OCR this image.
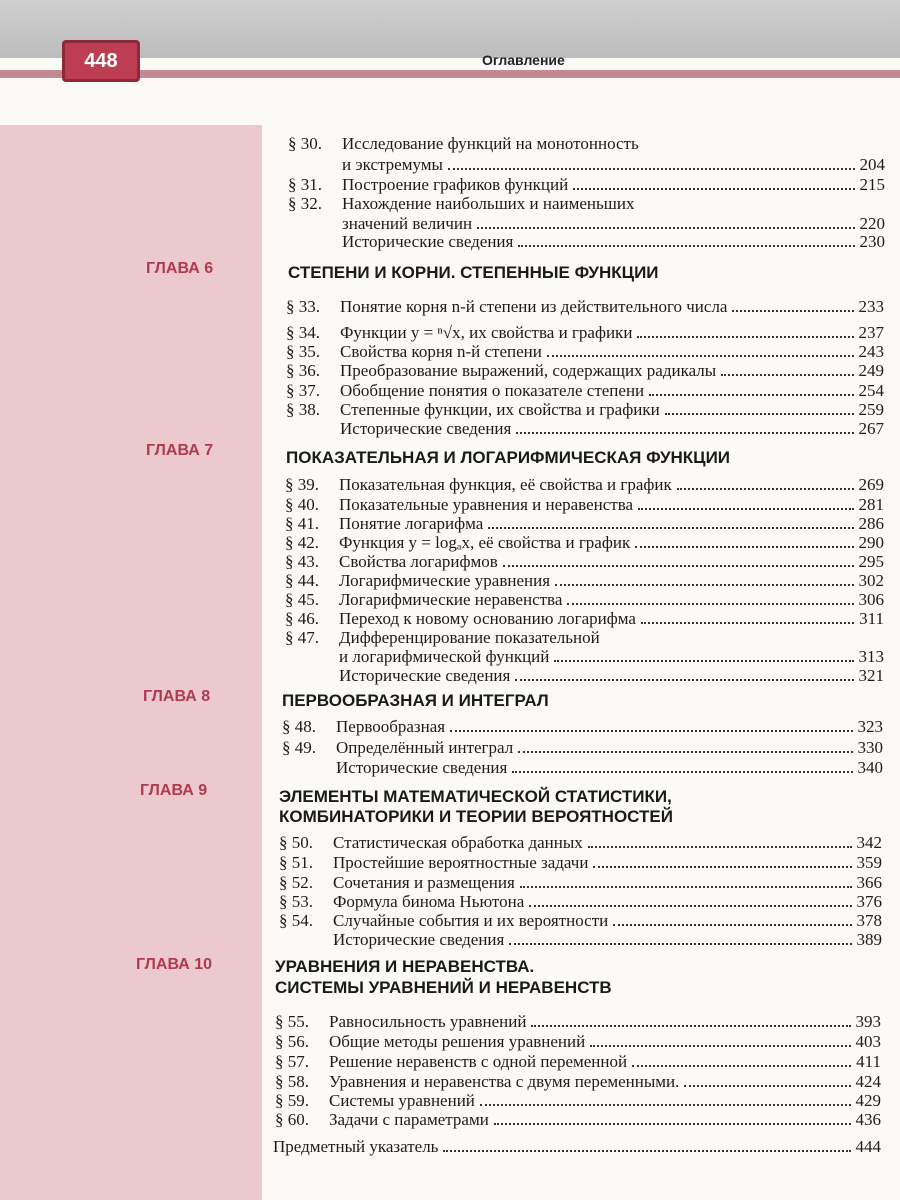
448	Оглавление
ГЛАВА 6	СТЕПЕНИ И КОРНИ. СТЕПЕННЫЕ ФУНКЦИИ
ГЛАВА 7	ПОКАЗАТЕЛЬНАЯ И ЛОГАРИФМИЧЕСКАЯ ФУНКЦИИ
ГЛАВА 8	ПЕРВООБРАЗНАЯ И ИНТЕГРАЛ
ГЛАВА 9	ЭЛЕМЕНТЫ МАТЕМАТИЧЕСКОЙ СТАТИСТИКИ,
КОМБИНАТОРИКИ И ТЕОРИИ ВЕРОЯТНОСТЕЙ
ГЛАВА 10	УРАВНЕНИЯ И НЕРАВЕНСТВА.
СИСТЕМЫ УРАВНЕНИЙ И НЕРАВЕНСТВ
§ 30.	Исследование функций на монотонность
и экстремумы	204
§ 31.	Построение графиков функций	215
§ 32.	Нахождение наибольших и наименьших
значений величин	220
Исторические сведения	230
§ 33.	Понятие корня n-й степени из действительного числа	233
§ 34.	Функции y = ⁿ√x, их свойства и графики	237
§ 35.	Свойства корня n-й степени	243
§ 36.	Преобразование выражений, содержащих радикалы	249
§ 37.	Обобщение понятия о показателе степени	254
§ 38.	Степенные функции, их свойства и графики	259
Исторические сведения	267
§ 39.	Показательная функция, её свойства и график	269
§ 40.	Показательные уравнения и неравенства	281
§ 41.	Понятие логарифма	286
§ 42.	Функция y = logₐx, её свойства и график	290
§ 43.	Свойства логарифмов	295
§ 44.	Логарифмические уравнения	302
§ 45.	Логарифмические неравенства	306
§ 46.	Переход к новому основанию логарифма	311
§ 47.	Дифференцирование показательной
и логарифмической функций	313
Исторические сведения	321
§ 48.	Первообразная	323
§ 49.	Определённый интеграл	330
Исторические сведения	340
§ 50.	Статистическая обработка данных	342
§ 51.	Простейшие вероятностные задачи	359
§ 52.	Сочетания и размещения	366
§ 53.	Формула бинома Ньютона	376
§ 54.	Случайные события и их вероятности	378
Исторические сведения	389
§ 55.	Равносильность уравнений	393
§ 56.	Общие методы решения уравнений	403
§ 57.	Решение неравенств с одной переменной	411
§ 58.	Уравнения и неравенства с двумя переменными.	424
§ 59.	Системы уравнений	429
§ 60.	Задачи с параметрами	436
Предметный указатель	444
